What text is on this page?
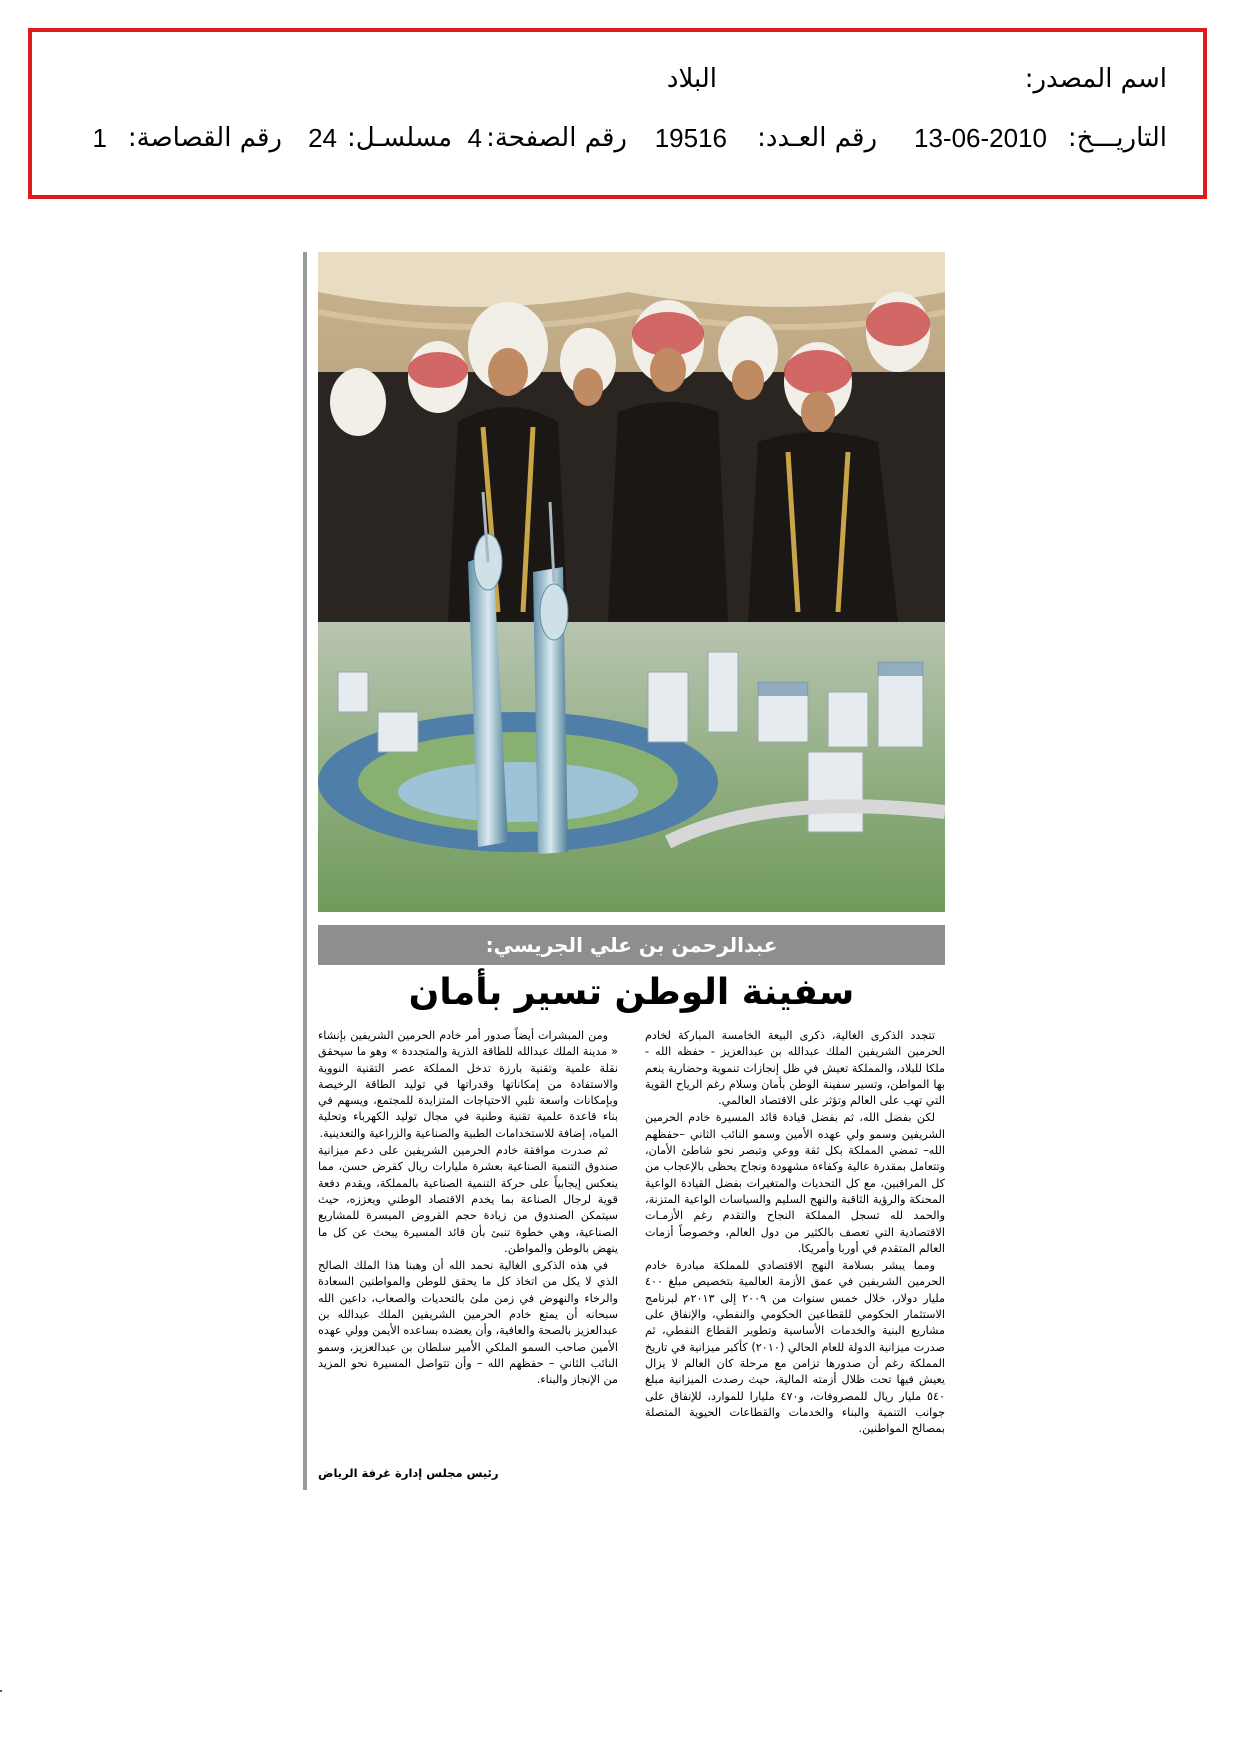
اسم المصدر:
البلاد
التاريـــخ:
13-06-2010
رقم العـدد:
19516
رقم الصفحة:
4
مسلسـل:
24
رقم القصاصة:
1
عبدالرحمن بن علي الجريسي:
سفينة الوطن تسير بأمان

تتجدد الذكرى الغالية، ذكرى البيعة الخامسة المباركة لخادم الحرمين الشريفين الملك عبدالله بن عبدالعزيز - حفظه الله - ملكا للبلاد، والمملكة تعيش في ظل إنجازات تنموية وحضارية ينعم بها المواطن، وتسير سفينة الوطن بأمان وسلام رغم الرياح القوية التي تهب على العالم وتؤثر على الاقتصاد العالمي.

لكن بفضل الله، ثم بفضل قيادة قائد المسيرة خادم الحرمين الشريفين وسمو ولي عهده الأمين وسمو النائب الثاني –حفظهم الله– تمضي المملكة بكل ثقة ووعي وتبصر نحو شاطئ الأمان، وتتعامل بمقدرة عالية وكفاءة مشهودة ونجاح يحظى بالإعجاب من كل المراقبين، مع كل التحديات والمتغيرات بفضل القيادة الواعية المحنكة والرؤية الثاقبة والنهج السليم والسياسات الواعية المتزنة، والحمد لله تسجل المملكة النجاح والتقدم رغم الأزمـات الاقتصادية التي تعصف بالكثير من دول العالم، وخصوصاً أزمات العالم المتقدم في أوربا وأمريكا.

ومما يبشر بسلامة النهج الاقتصادي للمملكة مبادرة خادم الحرمين الشريفين في عمق الأزمة العالمية بتخصيص مبلغ ٤٠٠ مليار دولار، خلال خمس سنوات من ٢٠٠٩ إلى ٢٠١٣م لبرنامج الاستثمار الحكومي للقطاعين الحكومي والنفطي، والإنفاق على مشاريع البنية والخدمات الأساسية وتطوير القطاع النفطي، ثم صدرت ميزانية الدولة للعام الحالي (٢٠١٠) كأكبر ميزانية في تاريخ المملكة رغم أن صدورها تزامن مع مرحلة كان العالم لا يزال يعيش فيها تحت ظلال أزمته المالية، حيث رصدت الميزانية مبلغ ٥٤٠ مليار ريال للمصروفات، و٤٧٠ مليارا للموارد، للإنفاق على جوانب التنمية والبناء والخدمات والقطاعات الحيوية المتصلة بمصالح المواطنين.

ومن المبشرات أيضاً صدور أمر خادم الحرمين الشريفين بإنشاء « مدينة الملك عبدالله للطاقة الذرية والمتجددة » وهو ما سيحقق نقلة علمية وتقنية بارزة تدخل المملكة عصر التقنية النووية والاستفادة من إمكاناتها وقدراتها في توليد الطاقة الرخيصة وبإمكانات واسعة تلبي الاحتياجات المتزايدة للمجتمع، ويسهم في بناء قاعدة علمية تقنية وطنية في مجال توليد الكهرباء وتحلية المياه، إضافة للاستخدامات الطبية والصناعية والزراعية والتعدينية.

ثم صدرت موافقة خادم الحرمين الشريفين على دعم ميزانية صندوق التنمية الصناعية بعشرة مليارات ريال كقرض حسن، مما ينعكس إيجابياً على حركة التنمية الصناعية بالمملكة، ويقدم دفعة قوية لرجال الصناعة بما يخدم الاقتصاد الوطني ويعززه، حيث سيتمكن الصندوق من زيادة حجم القروض الميسرة للمشاريع الصناعية، وهي خطوة تنبئ بأن قائد المسيرة يبحث عن كل ما ينهض بالوطن والمواطن.

في هذه الذكرى الغالية نحمد الله أن وهبنا هذا الملك الصالح الذي لا يكل من اتخاذ كل ما يحقق للوطن والمواطنين السعادة والرخاء والنهوض في زمن ملئ بالتحديات والصعاب، داعين الله سبحانه أن يمتع خادم الحرمين الشريفين الملك عبدالله بن عبدالعزيز بالصحة والعافية، وأن يعضده بساعده الأيمن وولي عهده الأمين صاحب السمو الملكي الأمير سلطان بن عبدالعزيز، وسمو النائب الثاني – حفظهم الله – وأن تتواصل المسيرة نحو المزيد من الإنجاز والبناء.

رئيس مجلس إدارة غرفة الرياض
